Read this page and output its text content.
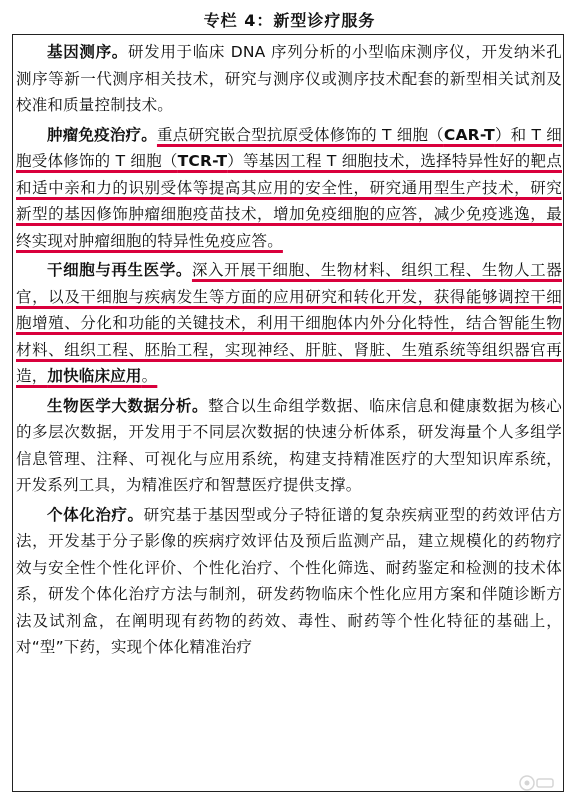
专栏 4：新型诊疗服务

基因测序。研发用于临床 DNA 序列分析的小型临床测序仪，开发纳米孔测序等新一代测序相关技术，研究与测序仪或测序技术配套的新型相关试剂及校准和质量控制技术。

肿瘤免疫治疗。重点研究嵌合型抗原受体修饰的 T 细胞（CAR-T）和 T 细胞受体修饰的 T 细胞（TCR-T）等基因工程 T 细胞技术，选择特异性好的靶点和适中亲和力的识别受体等提高其应用的安全性，研究通用型生产技术，研究新型的基因修饰肿瘤细胞疫苗技术，增加免疫细胞的应答，减少免疫逃逸，最终实现对肿瘤细胞的特异性免疫应答。

干细胞与再生医学。深入开展干细胞、生物材料、组织工程、生物人工器官，以及干细胞与疾病发生等方面的应用研究和转化开发，获得能够调控干细胞增殖、分化和功能的关键技术，利用干细胞体内外分化特性，结合智能生物材料、组织工程、胚胎工程，实现神经、肝脏、肾脏、生殖系统等组织器官再造，加快临床应用。

生物医学大数据分析。整合以生命组学数据、临床信息和健康数据为核心的多层次数据，开发用于不同层次数据的快速分析体系，研发海量个人多组学信息管理、注释、可视化与应用系统，构建支持精准医疗的大型知识库系统，开发系列工具，为精准医疗和智慧医疗提供支撑。

个体化治疗。研究基于基因型或分子特征谱的复杂疾病亚型的药效评估方法，开发基于分子影像的疾病疗效评估及预后监测产品，建立规模化的药物疗效与安全性个性化评价、个性化治疗、个性化筛选、耐药鉴定和检测的技术体系，研发个体化治疗方法与制剂，研发药物临床个性化应用方案和伴随诊断方法及试剂盒，在阐明现有药物的药效、毒性、耐药等个性化特征的基础上，对“型”下药，实现个体化精准治疗
